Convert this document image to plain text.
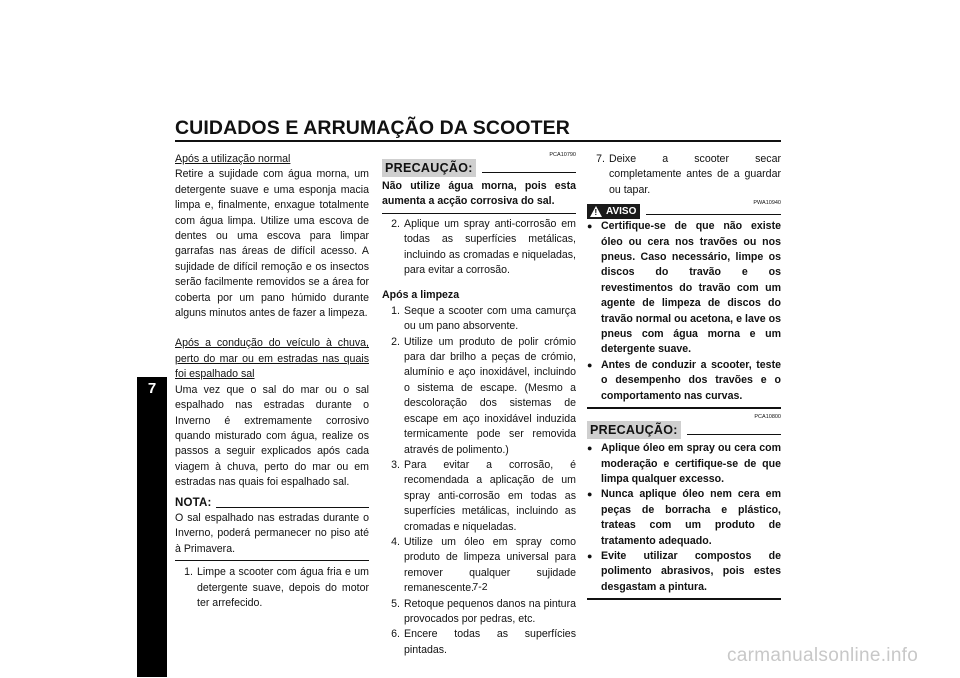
CUIDADOS E ARRUMAÇÃO DA SCOOTER
7
Após a utilização normal
Retire a sujidade com água morna, um detergente suave e uma esponja macia limpa e, finalmente, enxague totalmente com água limpa. Utilize uma escova de dentes ou uma escova para limpar garrafas nas áreas de difícil acesso. A sujidade de difícil remoção e os insectos serão facilmente removidos se a área for coberta por um pano húmido durante alguns minutos antes de fazer a limpeza.
Após a condução do veículo à chuva, perto do mar ou em estradas nas quais foi espalhado sal
Uma vez que o sal do mar ou o sal espalhado nas estradas durante o Inverno é extremamente corrosivo quando misturado com água, realize os passos a seguir explicados após cada viagem à chuva, perto do mar ou em estradas nas quais foi espalhado sal.
NOTA:
O sal espalhado nas estradas durante o Inverno, poderá permanecer no piso até à Primavera.
1. Limpe a scooter com água fria e um detergente suave, depois do motor ter arrefecido.
PCA10790
PRECAUÇÃO:
Não utilize água morna, pois esta aumenta a acção corrosiva do sal.
2. Aplique um spray anti-corrosão em todas as superfícies metálicas, incluindo as cromadas e niqueladas, para evitar a corrosão.
Após a limpeza
1. Seque a scooter com uma camurça ou um pano absorvente.
2. Utilize um produto de polir crómio para dar brilho a peças de crómio, alumínio e aço inoxidável, incluindo o sistema de escape. (Mesmo a descoloração dos sistemas de escape em aço inoxidável induzida termicamente pode ser removida através de polimento.)
3. Para evitar a corrosão, é recomendada a aplicação de um spray anti-corrosão em todas as superfícies metálicas, incluindo as cromadas e niqueladas.
4. Utilize um óleo em spray como produto de limpeza universal para remover qualquer sujidade remanescente.
5. Retoque pequenos danos na pintura provocados por pedras, etc.
6. Encere todas as superfícies pintadas.
7. Deixe a scooter secar completamente antes de a guardar ou tapar.
! AVISO
PWA10940
● Certifique-se de que não existe óleo ou cera nos travões ou nos pneus. Caso necessário, limpe os discos do travão e os revestimentos do travão com um agente de limpeza de discos do travão normal ou acetona, e lave os pneus com água morna e um detergente suave.
● Antes de conduzir a scooter, teste o desempenho dos travões e o comportamento nas curvas.
PCA10800
PRECAUÇÃO:
● Aplique óleo em spray ou cera com moderação e certifique-se de que limpa qualquer excesso.
● Nunca aplique óleo nem cera em peças de borracha e plástico, trateas com um produto de tratamento adequado.
● Evite utilizar compostos de polimento abrasivos, pois estes desgastam a pintura.
7-2
carmanualsonline.info
